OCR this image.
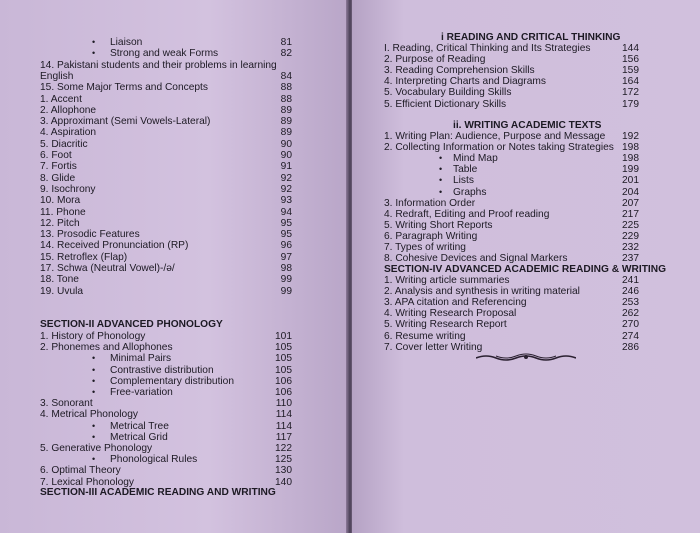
SECTION-II ADVANCED PHONOLOGY
SECTION-III ACADEMIC READING AND WRITING
• Liaison	81
• Strong and weak Forms	82
14. Pakistani students and their problems in learning
English	84
15. Some Major Terms and Concepts	88
1. Accent	88
2. Allophone	89
3. Approximant (Semi Vowels-Lateral)	89
4. Aspiration	89
5. Diacritic	90
6. Foot	90
7. Fortis	91
8. Glide	92
9. Isochrony	92
10. Mora	93
11. Phone	94
12. Pitch	95
13. Prosodic Features	95
14. Received Pronunciation (RP)	96
15. Retroflex (Flap)	97
17. Schwa (Neutral Vowel)-/ə/	98
18. Tone	99
19. Uvula	99
1. History of Phonology	101
2. Phonemes and Allophones	105
• Minimal Pairs	105
• Contrastive distribution	105
• Complementary distribution	106
• Free-variation	106
3. Sonorant	110
4. Metrical Phonology	114
• Metrical Tree	114
• Metrical Grid	117
5. Generative Phonology	122
• Phonological Rules	125
6. Optimal Theory	130
7. Lexical Phonology	140
i READING AND CRITICAL THINKING
ii. WRITING ACADEMIC TEXTS
SECTION-IV ADVANCED ACADEMIC READING & WRITING
I. Reading, Critical Thinking and Its Strategies	144
2. Purpose of Reading	156
3. Reading Comprehension Skills	159
4. Interpreting Charts and Diagrams	164
5. Vocabulary Building Skills	172
5. Efficient Dictionary Skills	179
1. Writing Plan: Audience, Purpose and Message	192
2. Collecting Information or Notes taking Strategies 198
• Mind Map	198
• Table	199
• Lists	201
• Graphs	204
3. Information Order	207
4. Redraft, Editing and Proof reading	217
5. Writing Short Reports	225
6. Paragraph Writing	229
7. Types of writing	232
8. Cohesive Devices and Signal Markers	237
1. Writing article summaries	241
2. Analysis and synthesis in writing material	246
3. APA citation and Referencing	253
4. Writing Research Proposal	262
5. Writing Research Report	270
6. Resume writing	274
7. Cover letter Writing	286
